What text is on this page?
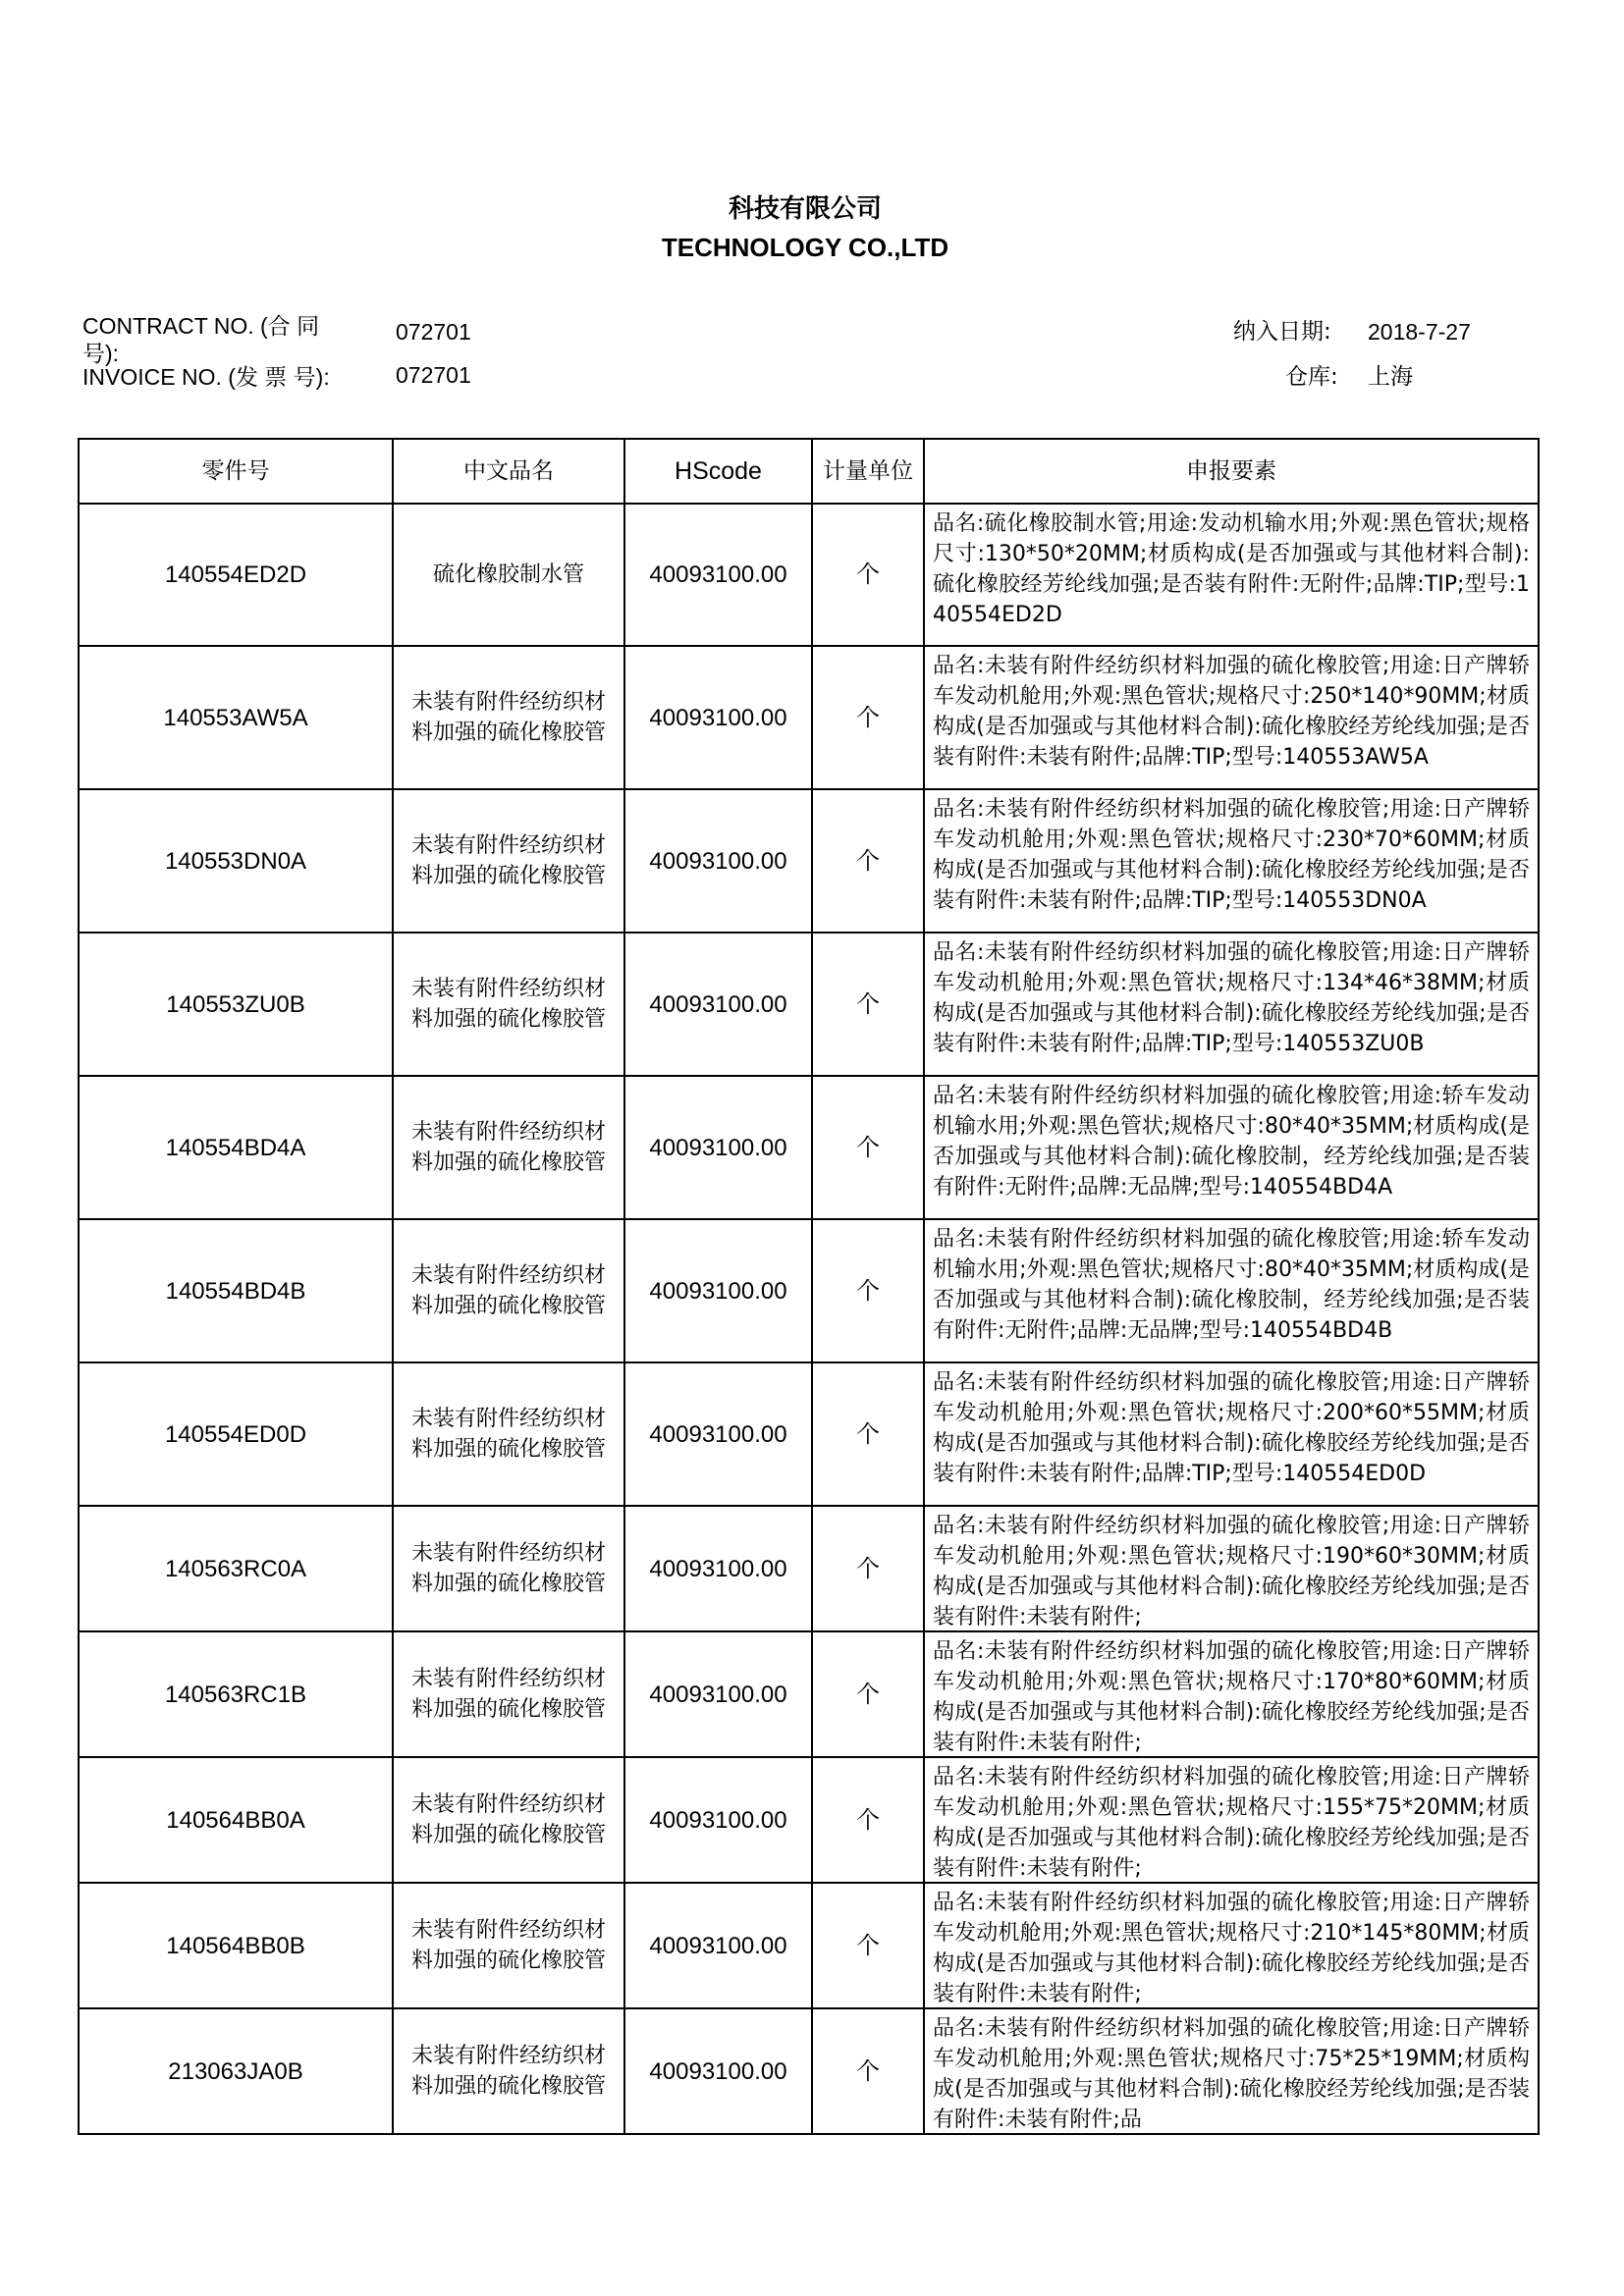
科技有限公司
TECHNOLOGY CO.,LTD
CONTRACT NO. (合 同 号):
072701
INVOICE NO. (发 票 号):	072701
纳入日期: 2018-7-27
仓库: 上海
零件号	中文品名	HScode	计量单位	申报要素
140554ED2D	硫化橡胶制水管	40093100.00	个	品名:硫化橡胶制水管;用途:发动机输水用;外观:黑色管状;规格尺寸:130*50*20MM;材质构成(是否加强或与其他材料合制):硫化橡胶经芳纶线加强;是否装有附件:无附件;品牌:TIP;型号:140554ED2D

140553AW5A	未装有附件经纺织材料加强的硫化橡胶管	40093100.00	个	品名:未装有附件经纺织材料加强的硫化橡胶管;用途:日产牌轿车发动机舱用;外观:黑色管状;规格尺寸:250*140*90MM;材质构成(是否加强或与其他材料合制):硫化橡胶经芳纶线加强;是否装有附件:未装有附件;品牌:TIP;型号:140553AW5A

140553DN0A	未装有附件经纺织材料加强的硫化橡胶管	40093100.00	个	品名:未装有附件经纺织材料加强的硫化橡胶管;用途:日产牌轿车发动机舱用;外观:黑色管状;规格尺寸:230*70*60MM;材质构成(是否加强或与其他材料合制):硫化橡胶经芳纶线加强;是否装有附件:未装有附件;品牌:TIP;型号:140553DN0A

140553ZU0B	未装有附件经纺织材料加强的硫化橡胶管	40093100.00	个	品名:未装有附件经纺织材料加强的硫化橡胶管;用途:日产牌轿车发动机舱用;外观:黑色管状;规格尺寸:134*46*38MM;材质构成(是否加强或与其他材料合制):硫化橡胶经芳纶线加强;是否装有附件:未装有附件;品牌:TIP;型号:140553ZU0B

140554BD4A	未装有附件经纺织材料加强的硫化橡胶管	40093100.00	个	品名:未装有附件经纺织材料加强的硫化橡胶管;用途:轿车发动机输水用;外观:黑色管状;规格尺寸:80*40*35MM;材质构成(是否加强或与其他材料合制):硫化橡胶制，经芳纶线加强;是否装有附件:无附件;品牌:无品牌;型号:140554BD4A

140554BD4B	未装有附件经纺织材料加强的硫化橡胶管	40093100.00	个	品名:未装有附件经纺织材料加强的硫化橡胶管;用途:轿车发动机输水用;外观:黑色管状;规格尺寸:80*40*35MM;材质构成(是否加强或与其他材料合制):硫化橡胶制，经芳纶线加强;是否装有附件:无附件;品牌:无品牌;型号:140554BD4B

140554ED0D	未装有附件经纺织材料加强的硫化橡胶管	40093100.00	个	品名:未装有附件经纺织材料加强的硫化橡胶管;用途:日产牌轿车发动机舱用;外观:黑色管状;规格尺寸:200*60*55MM;材质构成(是否加强或与其他材料合制):硫化橡胶经芳纶线加强;是否装有附件:未装有附件;品牌:TIP;型号:140554ED0D

140563RC0A	未装有附件经纺织材料加强的硫化橡胶管	40093100.00	个	品名:未装有附件经纺织材料加强的硫化橡胶管;用途:日产牌轿车发动机舱用;外观:黑色管状;规格尺寸:190*60*30MM;材质构成(是否加强或与其他材料合制):硫化橡胶经芳纶线加强;是否装有附件:未装有附件;

140563RC1B	未装有附件经纺织材料加强的硫化橡胶管	40093100.00	个	品名:未装有附件经纺织材料加强的硫化橡胶管;用途:日产牌轿车发动机舱用;外观:黑色管状;规格尺寸:170*80*60MM;材质构成(是否加强或与其他材料合制):硫化橡胶经芳纶线加强;是否装有附件:未装有附件;

140564BB0A	未装有附件经纺织材料加强的硫化橡胶管	40093100.00	个	品名:未装有附件经纺织材料加强的硫化橡胶管;用途:日产牌轿车发动机舱用;外观:黑色管状;规格尺寸:155*75*20MM;材质构成(是否加强或与其他材料合制):硫化橡胶经芳纶线加强;是否装有附件:未装有附件;

140564BB0B	未装有附件经纺织材料加强的硫化橡胶管	40093100.00	个	品名:未装有附件经纺织材料加强的硫化橡胶管;用途:日产牌轿车发动机舱用;外观:黑色管状;规格尺寸:210*145*80MM;材质构成(是否加强或与其他材料合制):硫化橡胶经芳纶线加强;是否装有附件:未装有附件;

213063JA0B	未装有附件经纺织材料加强的硫化橡胶管	40093100.00	个	品名:未装有附件经纺织材料加强的硫化橡胶管;用途:日产牌轿车发动机舱用;外观:黑色管状;规格尺寸:75*25*19MM;材质构成(是否加强或与其他材料合制):硫化橡胶经芳纶线加强;是否装有附件:未装有附件;品
